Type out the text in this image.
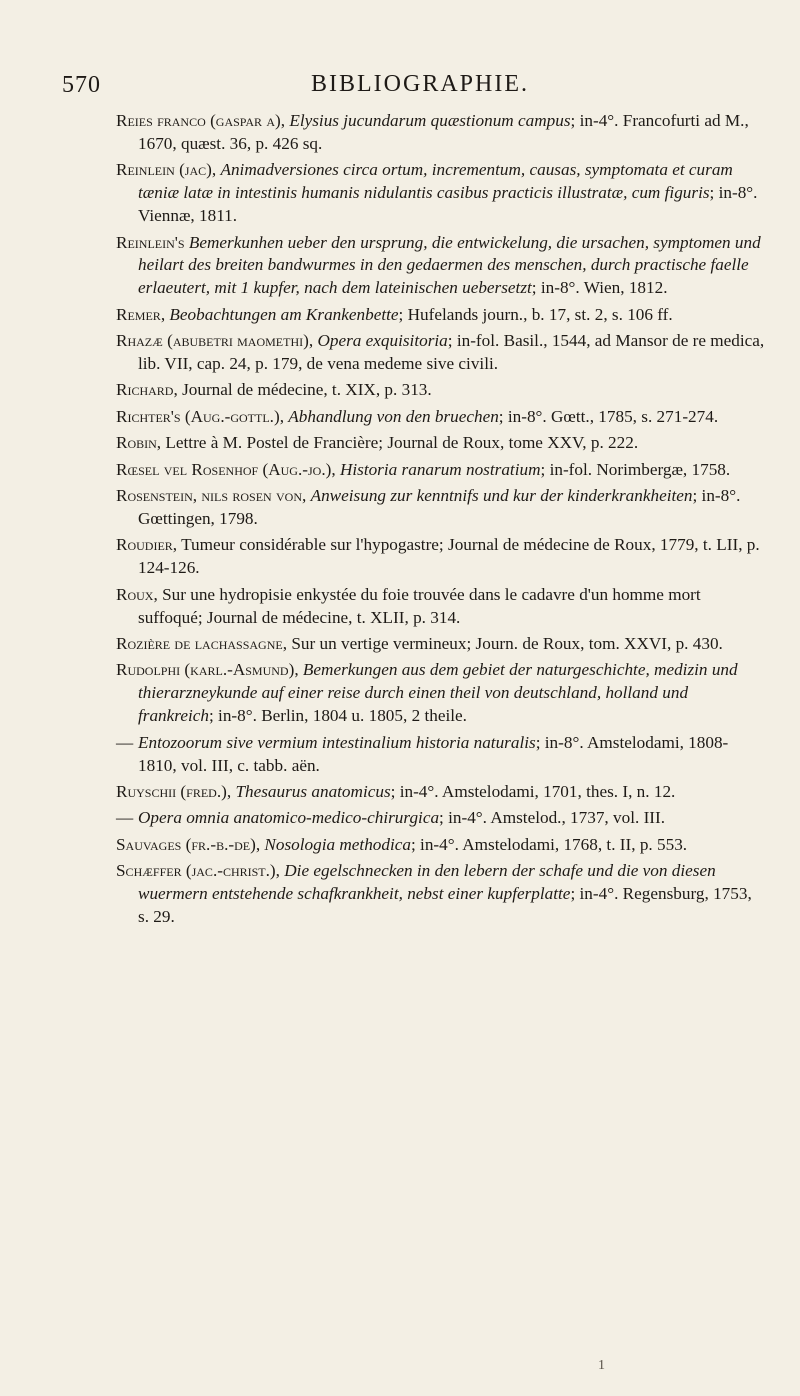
570	BIBLIOGRAPHIE.

Reies franco (gaspar a), Elysius jucundarum quæstionum campus; in-4°. Francofurti ad M., 1670, quæst. 36, p. 426 sq.

Reinlein (jac), Animadversiones circa ortum, incrementum, causas, symptomata et curam tæniæ latæ in intestinis humanis nidulantis casibus practicis illustratæ, cum figuris; in-8°. Viennæ, 1811.

Reinlein's Bemerkunhen ueber den ursprung, die entwickelung, die ursachen, symptomen und heilart des breiten bandwurmes in den gedaermen des menschen, durch practische faelle erlaeutert, mit 1 kupfer, nach dem lateinischen uebersetzt; in-8°. Wien, 1812.

Remer, Beobachtungen am Krankenbette; Hufelands journ., b. 17, st. 2, s. 106 ff.

Rhazæ (abubetri maomethi), Opera exquisitoria; in-fol. Basil., 1544, ad Mansor de re medica, lib. VII, cap. 24, p. 179, de vena medeme sive civili.

Richard, Journal de médecine, t. XIX, p. 313.

Richter's (Aug.-gottl.), Abhandlung von den bruechen; in-8°. Gœtt., 1785, s. 271-274.

Robin, Lettre à M. Postel de Francière; Journal de Roux, tome XXV, p. 222.

Rœsel vel Rosenhof (Aug.-jo.), Historia ranarum nostratium; in-fol. Norimbergæ, 1758.

Rosenstein, nils rosen von, Anweisung zur kenntnifs und kur der kinderkrankheiten; in-8°. Gœttingen, 1798.

Roudier, Tumeur considérable sur l'hypogastre; Journal de médecine de Roux, 1779, t. LII, p. 124-126.

Roux, Sur une hydropisie enkystée du foie trouvée dans le cadavre d'un homme mort suffoqué; Journal de médecine, t. XLII, p. 314.

Rozière de lachassagne, Sur un vertige vermineux; Journ. de Roux, tom. XXVI, p. 430.

Rudolphi (karl.-Asmund), Bemerkungen aus dem gebiet der naturgeschichte, medizin und thierarzneykunde auf einer reise durch einen theil von deutschland, holland und frankreich; in-8°. Berlin, 1804 u. 1805, 2 theile.

— Entozoorum sive vermium intestinalium historia naturalis; in-8°. Amstelodami, 1808-1810, vol. III, c. tabb. aën.

Ruyschii (fred.), Thesaurus anatomicus; in-4°. Amstelodami, 1701, thes. I, n. 12.

— Opera omnia anatomico-medico-chirurgica; in-4°. Amstelod., 1737, vol. III.

Sauvages (fr.-b.-de), Nosologia methodica; in-4°. Amstelodami, 1768, t. II, p. 553.

Schæffer (jac.-christ.), Die egelschnecken in den lebern der schafe und die von diesen wuermern entstehende schafkrankheit, nebst einer kupferplatte; in-4°. Regensburg, 1753, s. 29.

1
